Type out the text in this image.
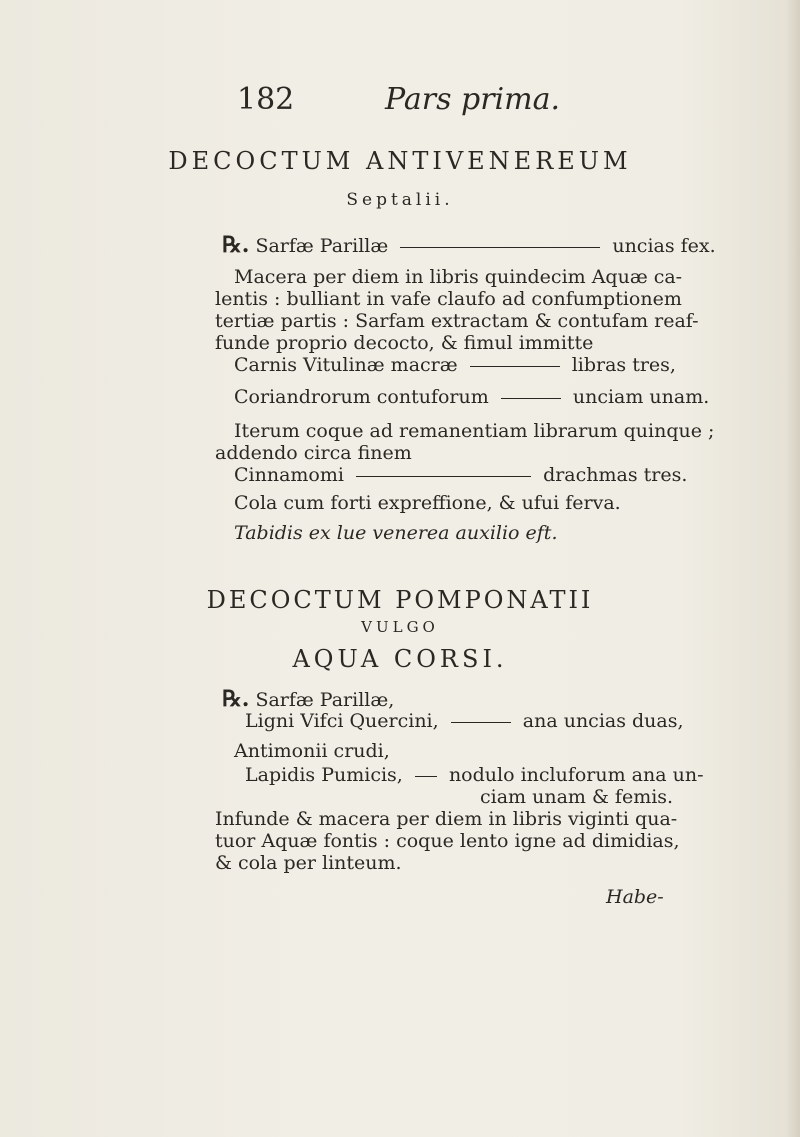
182	Pars prima.
DECOCTUM ANTIVENEREUM
Septalii.
℞. Sarfæ Parillæ	uncias fex.
Macera per diem in libris quindecim Aquæ ca-
lentis : bulliant in vafe claufo ad confumptionem
tertiæ partis : Sarfam extractam & contufam reaf-
funde proprio decocto, & fimul immitte
Carnis Vitulinæ macræ	libras tres,
Coriandrorum contuforum	unciam unam.
Iterum coque ad remanentiam librarum quinque ;
addendo circa finem
Cinnamomi	drachmas tres.
Cola cum forti expreffione, & ufui ferva.
Tabidis ex lue venerea auxilio eft.
DECOCTUM POMPONATII
VULGO
AQUA CORSI.
℞. Sarfæ Parillæ,
Ligni Vifci Quercini,	ana uncias duas,
Antimonii crudi,
Lapidis Pumicis, nodulo incluforum ana un-
ciam unam & femis.
Infunde & macera per diem in libris viginti qua-
tuor Aquæ fontis : coque lento igne ad dimidias,
& cola per linteum.
Habe-
